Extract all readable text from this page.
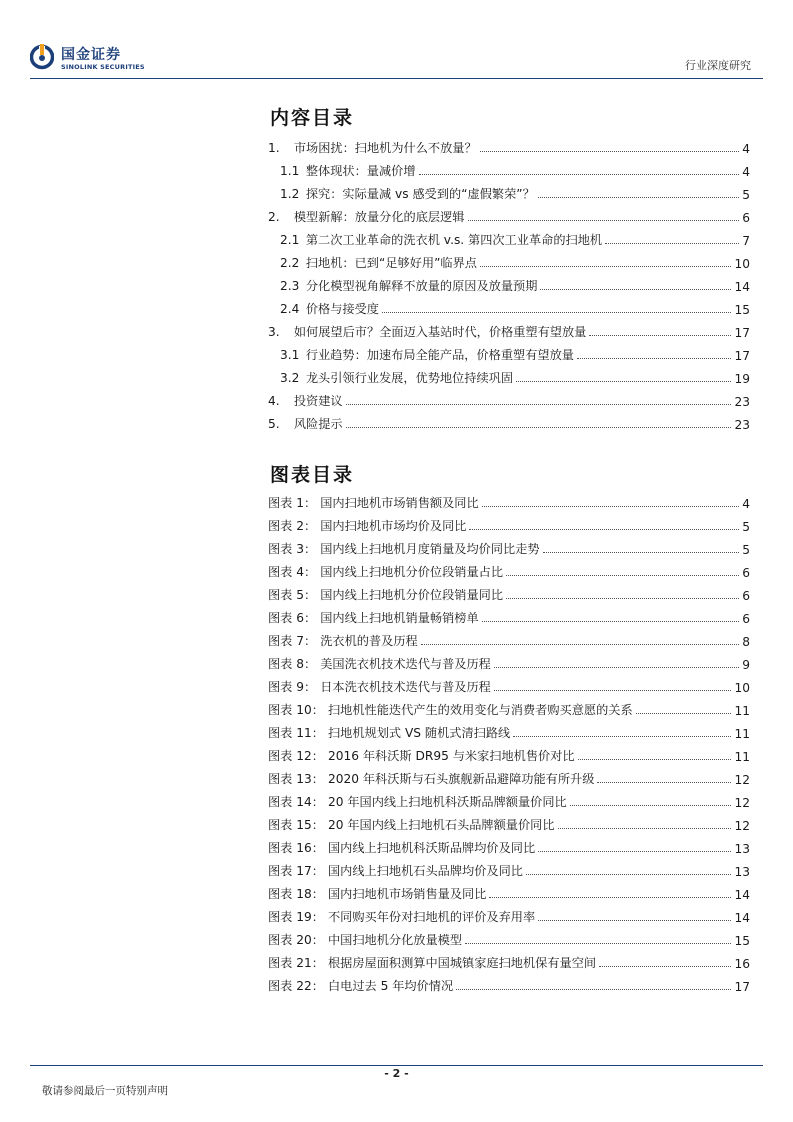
国金证券
SINOLINK SECURITIES	行业深度研究
内容目录
1. 市场困扰：扫地机为什么不放量？	4
1.1 整体现状：量减价增	4
1.2 探究：实际量减 vs 感受到的“虚假繁荣”？	5
2. 模型新解：放量分化的底层逻辑	6
2.1 第二次工业革命的洗衣机 v.s. 第四次工业革命的扫地机	7
2.2 扫地机：已到“足够好用”临界点	10
2.3 分化模型视角解释不放量的原因及放量预期	14
2.4 价格与接受度	15
3. 如何展望后市？全面迈入基站时代，价格重塑有望放量	17
3.1 行业趋势：加速布局全能产品，价格重塑有望放量	17
3.2 龙头引领行业发展，优势地位持续巩固	19
4. 投资建议	23
5. 风险提示	23
图表目录
图表 1： 国内扫地机市场销售额及同比	4
图表 2： 国内扫地机市场均价及同比	5
图表 3： 国内线上扫地机月度销量及均价同比走势	5
图表 4： 国内线上扫地机分价位段销量占比	6
图表 5： 国内线上扫地机分价位段销量同比	6
图表 6： 国内线上扫地机销量畅销榜单	6
图表 7： 洗衣机的普及历程	8
图表 8： 美国洗衣机技术迭代与普及历程	9
图表 9： 日本洗衣机技术迭代与普及历程	10
图表 10： 扫地机性能迭代产生的效用变化与消费者购买意愿的关系	11
图表 11： 扫地机规划式 VS 随机式清扫路线	11
图表 12： 2016 年科沃斯 DR95 与米家扫地机售价对比	11
图表 13： 2020 年科沃斯与石头旗舰新品避障功能有所升级	12
图表 14： 20 年国内线上扫地机科沃斯品牌额量价同比	12
图表 15： 20 年国内线上扫地机石头品牌额量价同比	12
图表 16： 国内线上扫地机科沃斯品牌均价及同比	13
图表 17： 国内线上扫地机石头品牌均价及同比	13
图表 18： 国内扫地机市场销售量及同比	14
图表 19： 不同购买年份对扫地机的评价及弃用率	14
图表 20： 中国扫地机分化放量模型	15
图表 21： 根据房屋面积测算中国城镇家庭扫地机保有量空间	16
图表 22： 白电过去 5 年均价情况	17
- 2 -
敬请参阅最后一页特别声明
